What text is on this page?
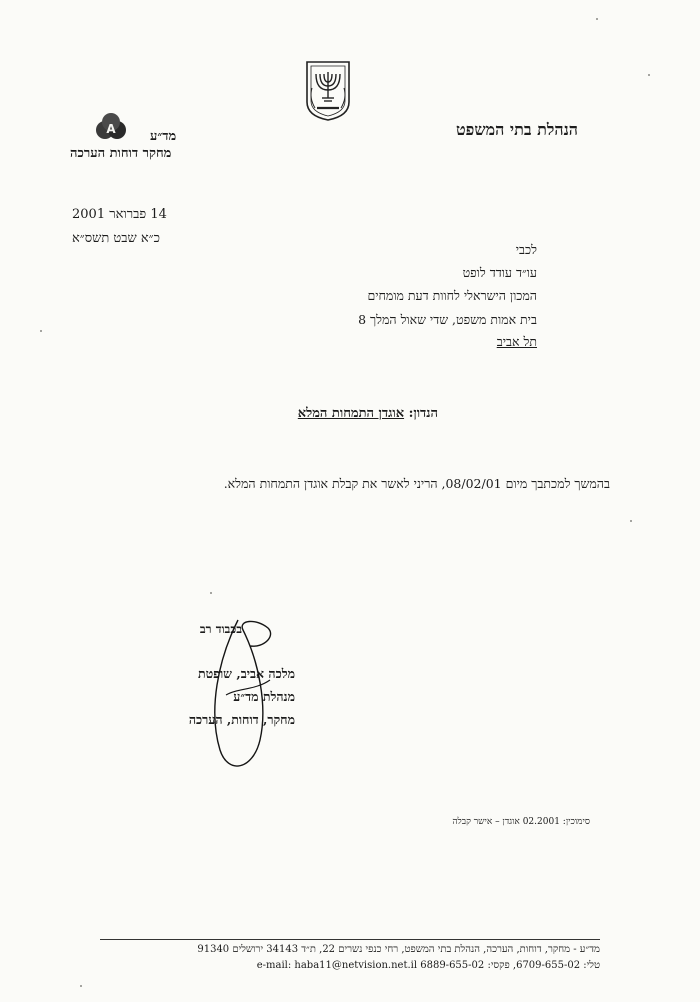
הנהלת בתי המשפט
A	מד״ע
מחקר דוחות הערכה
14 פברואר 2001
כ״א שבט תשס״א
לכבי
עו״ד עודד לופט
המכון הישראלי לחוות דעת מומחים
בית אמות משפט, שדי שאול המלך 8
תל אביב
הנדון: אוגדן התמחות המלא
בהמשך למכתבך מיום 08/02/01, הריני לאשר את קבלת אוגדן התמחות המלא.
בכבוד רב
מלכה אביב, שופטת
מנהלת מד״ע
מחקר, דוחות, הערכה
סימוכין: 02.2001 אוגדן – אישר קבלה
מד״ע - מחקר, דוחות, הערכה, הנהלת בתי המשפט, רחי כנפי נשרים 22, ת״ד 34143 ירושלים 91340
טלי: 6709-655-02, פקסי: 6889-655-02 e-mail: haba11@netvision.net.il
